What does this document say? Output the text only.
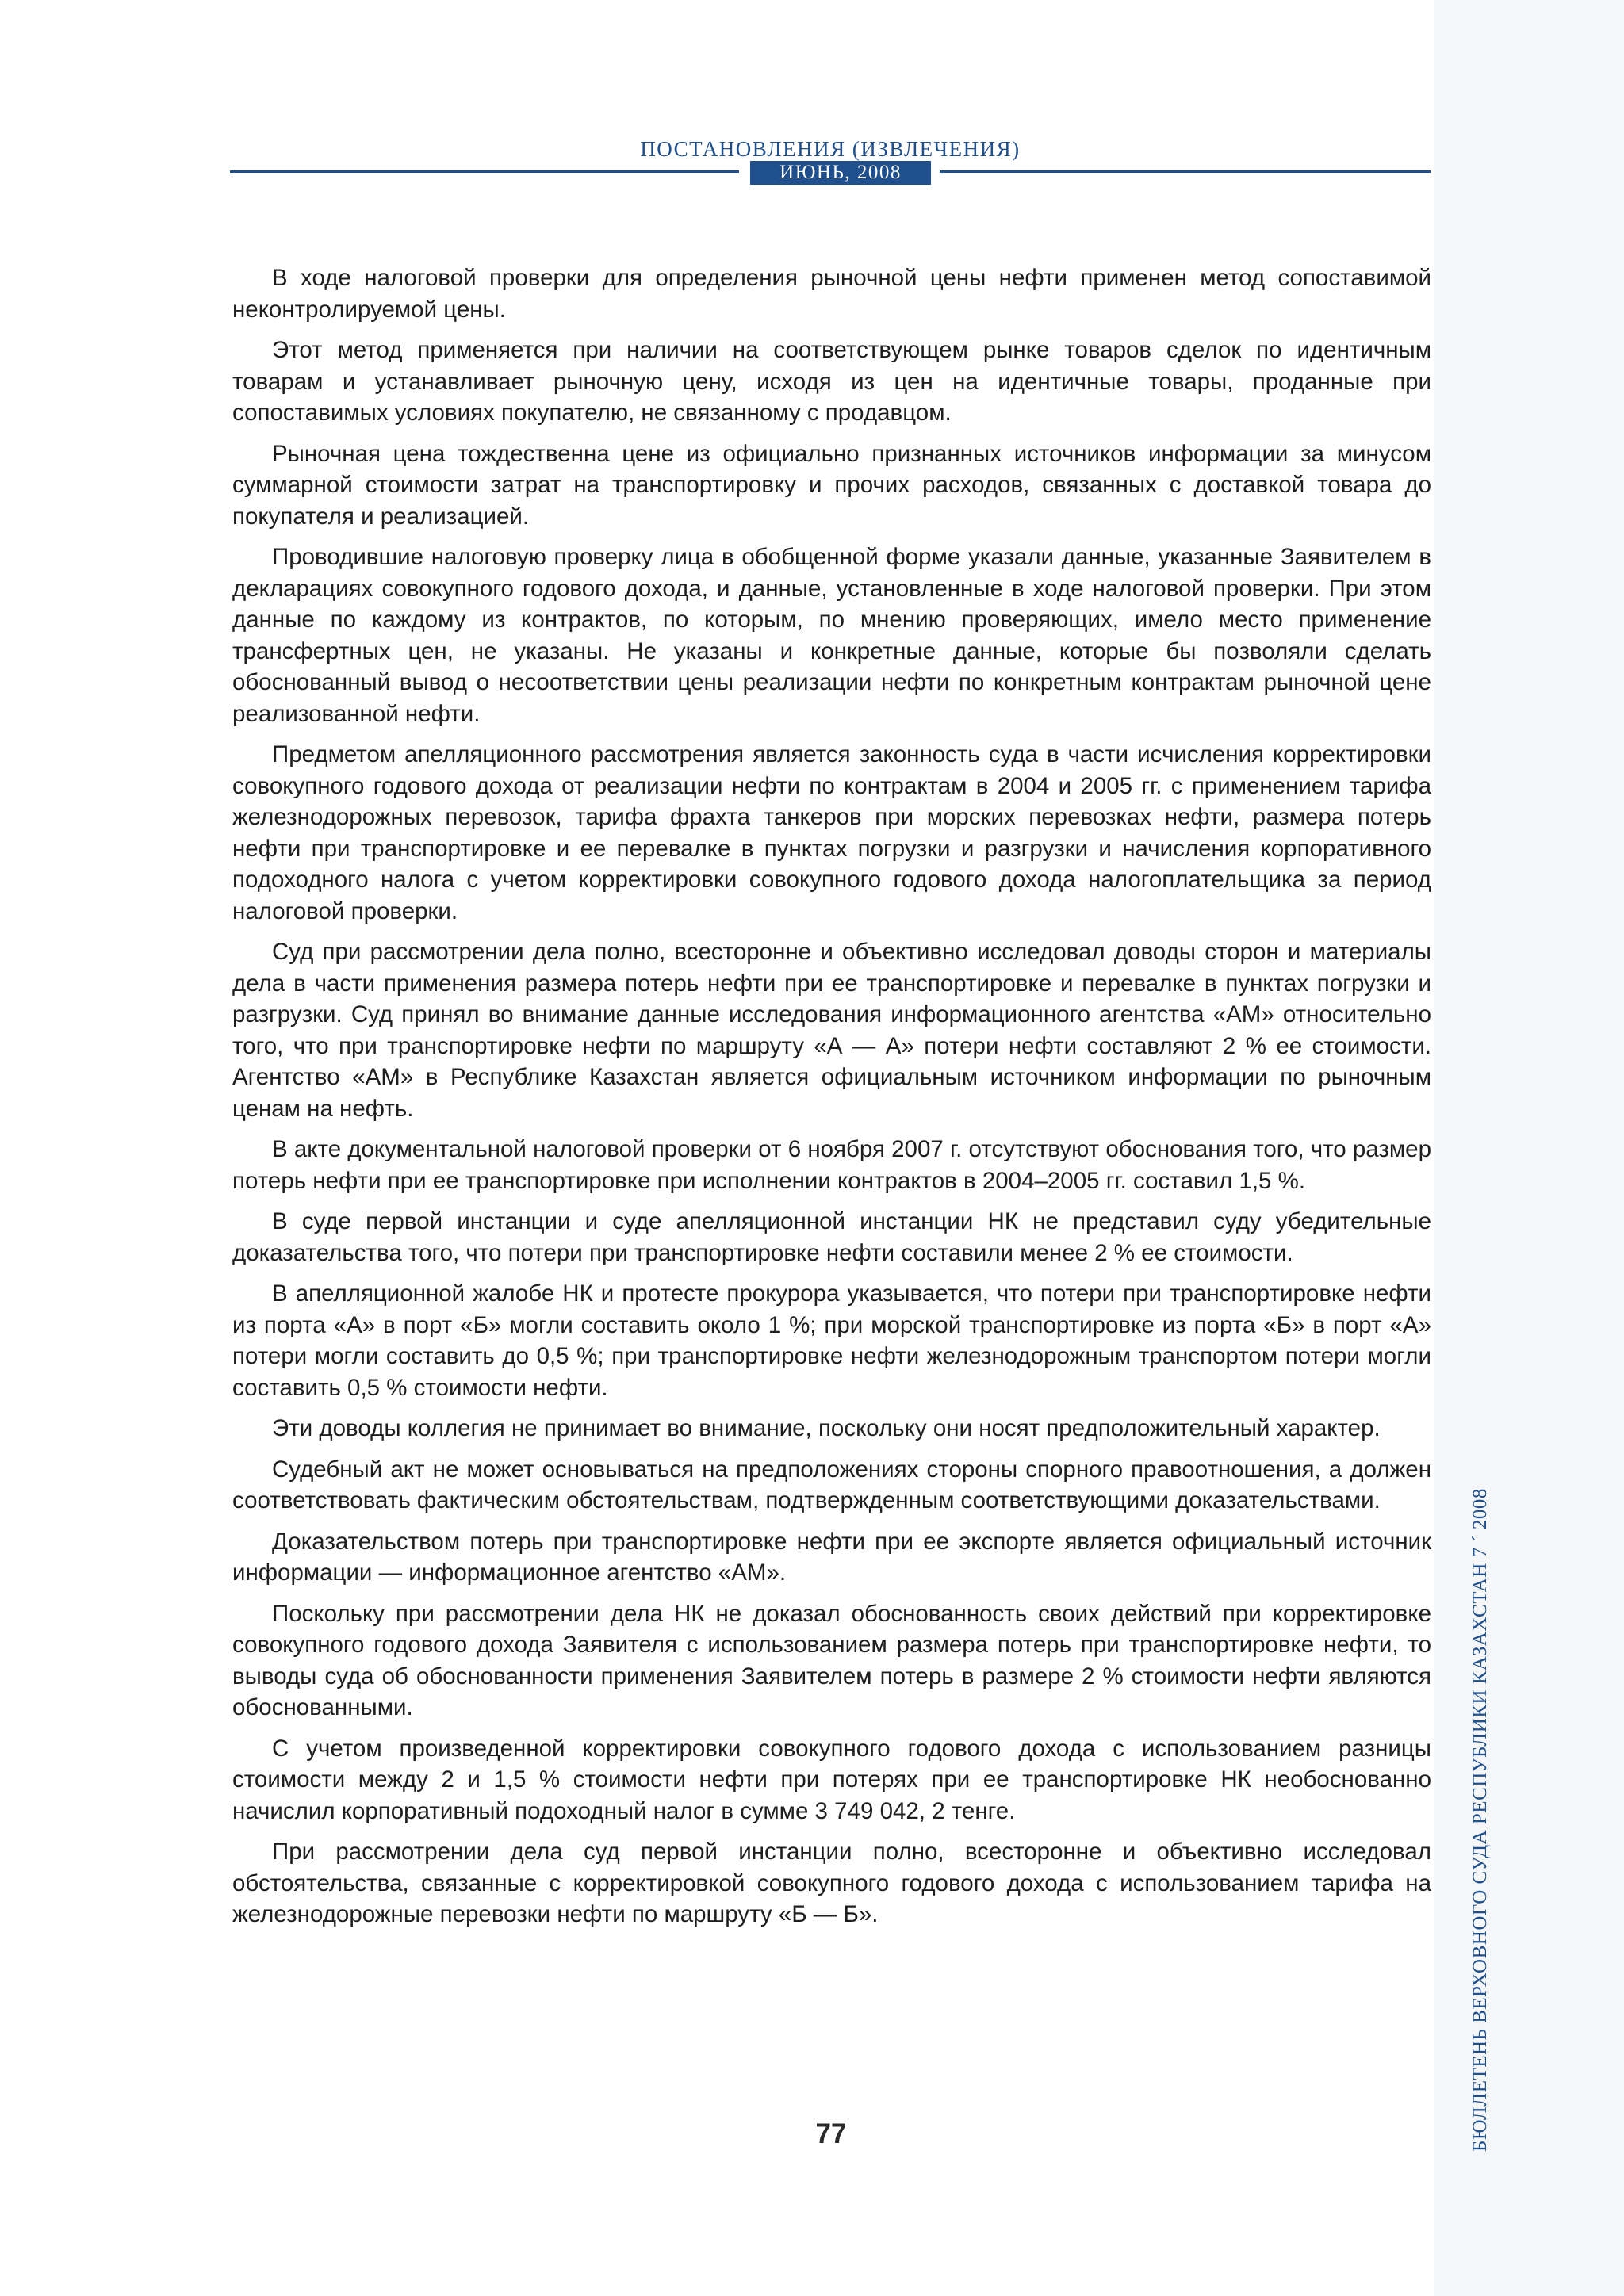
ПОСТАНОВЛЕНИЯ (ИЗВЛЕЧЕНИЯ)
ИЮНЬ, 2008

В ходе налоговой проверки для определения рыночной цены нефти применен метод сопоставимой неконтролируемой цены.

Этот метод применяется при наличии на соответствующем рынке товаров сделок по идентичным товарам и устанавливает рыночную цену, исходя из цен на идентичные товары, проданные при сопоставимых условиях покупателю, не связанному с продавцом.

Рыночная цена тождественна цене из официально признанных источников информации за минусом суммарной стоимости затрат на транспортировку и прочих расходов, связанных с доставкой товара до покупателя и реализацией.

Проводившие налоговую проверку лица в обобщенной форме указали данные, указанные Заявителем в декларациях совокупного годового дохода, и данные, установленные в ходе налоговой проверки. При этом данные по каждому из контрактов, по которым, по мнению проверяющих, имело место применение трансфертных цен, не указаны. Не указаны и конкретные данные, которые бы позволяли сделать обоснованный вывод о несоответствии цены реализации нефти по конкретным контрактам рыночной цене реализованной нефти.

Предметом апелляционного рассмотрения является законность суда в части исчисления корректировки совокупного годового дохода от реализации нефти по контрактам в 2004 и 2005 гг. с применением тарифа железнодорожных перевозок, тарифа фрахта танкеров при морских перевозках нефти, размера потерь нефти при транспортировке и ее перевалке в пунктах погрузки и разгрузки и начисления корпоративного подоходного налога с учетом корректировки совокупного годового дохода налогоплательщика за период налоговой проверки.

Суд при рассмотрении дела полно, всесторонне и объективно исследовал доводы сторон и материалы дела в части применения размера потерь нефти при ее транспортировке и перевалке в пунктах погрузки и разгрузки. Суд принял во внимание данные исследования информационного агентства «АМ» относительно того, что при транспортировке нефти по маршруту «А — А» потери нефти составляют 2 % ее стоимости. Агентство «АМ» в Республике Казахстан является официальным источником информации по рыночным ценам на нефть.

В акте документальной налоговой проверки от 6 ноября 2007 г. отсутствуют обоснования того, что размер потерь нефти при ее транспортировке при исполнении контрактов в 2004–2005 гг. составил 1,5 %.

В суде первой инстанции и суде апелляционной инстанции НК не представил суду убедительные доказательства того, что потери при транспортировке нефти составили менее 2 % ее стоимости.

В апелляционной жалобе НК и протесте прокурора указывается, что потери при транспортировке нефти из порта «А» в порт «Б» могли составить около 1 %; при морской транспортировке из порта «Б» в порт «А» потери могли составить до 0,5 %; при транспортировке нефти железнодорожным транспортом потери могли составить 0,5 % стоимости нефти.

Эти доводы коллегия не принимает во внимание, поскольку они носят предположительный характер.

Судебный акт не может основываться на предположениях стороны спорного правоотношения, а должен соответствовать фактическим обстоятельствам, подтвержденным соответствующими доказательствами.

Доказательством потерь при транспортировке нефти при ее экспорте является официальный источник информации — информационное агентство «АМ».

Поскольку при рассмотрении дела НК не доказал обоснованность своих действий при корректировке совокупного годового дохода Заявителя с использованием размера потерь при транспортировке нефти, то выводы суда об обоснованности применения Заявителем потерь в размере 2 % стоимости нефти являются обоснованными.

С учетом произведенной корректировки совокупного годового дохода с использованием разницы стоимости между 2 и 1,5 % стоимости нефти при потерях при ее транспортировке НК необоснованно начислил корпоративный подоходный налог в сумме 3 749 042, 2 тенге.

При рассмотрении дела суд первой инстанции полно, всесторонне и объективно исследовал обстоятельства, связанные с корректировкой совокупного годового дохода с использованием тарифа на железнодорожные перевозки нефти по маршруту «Б — Б».

77	БЮЛЛЕТЕНЬ ВЕРХОВНОГО СУДА РЕСПУБЛИКИ КАЗАХСТАН 7 ˊ 2008
